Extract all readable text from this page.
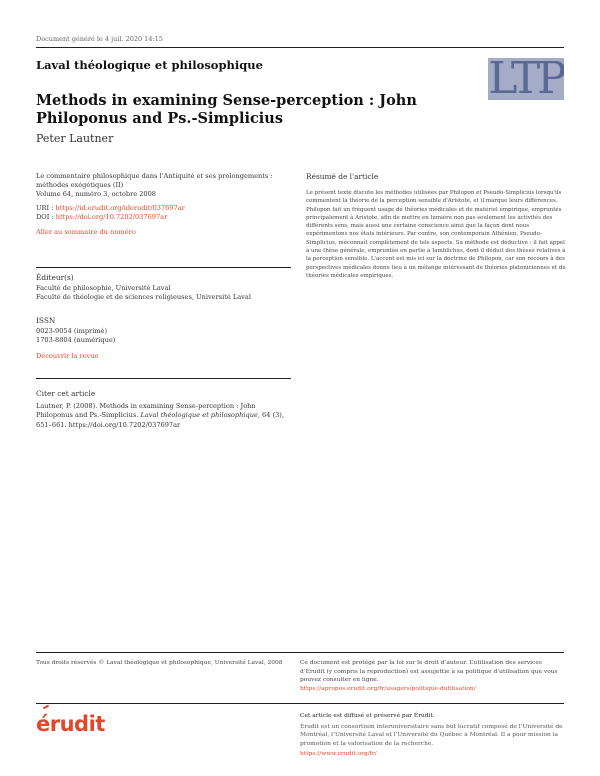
Document généré le 4 juil. 2020 14:15
Laval théologique et philosophique	LTP
Methods in examining Sense-perception : John Philoponus and Ps.-Simplicius
Peter Lautner
Le commentaire philosophique dans l’Antiquité et ses prolongements : méthodes exégétiques (II)
Volume 64, numéro 3, octobre 2008
URI : https://id.erudit.org/iderudit/037697ar
DOI : https://doi.org/10.7202/037697ar
Aller au sommaire du numéro
Éditeur(s)
Faculté de philosophie, Université Laval
Faculté de théologie et de sciences religieuses, Université Laval
ISSN
0023-9054 (imprimé)
1703-8804 (numérique)
Découvrir la revue
Citer cet article
Lautner, P. (2008). Methods in examining Sense-perception : John Philoponus and Ps.-Simplicius. Laval théologique et philosophique, 64 (3), 651–661. https://doi.org/10.7202/037697ar
Résumé de l'article
Le présent texte discute les méthodes utilisées par Philopon et Pseudo-Simplicius lorsqu'ils commentent la théorie de la perception sensible d'Aristote, et il marque leurs différences. Philopon fait un fréquent usage de théories médicales et de matériel empirique, empruntés principalement à Aristote, afin de mettre en lumière non pas seulement les activités des différents sens, mais aussi une certaine conscience ainsi que la façon dont nous expérimentons nos états intérieurs. Par contre, son contemporain Athénien, Pseudo-Simplicius, méconnaît complètement de tels aspects. Sa méthode est déductive : il fait appel à une thèse générale, empruntée en partie à Iamblichus, dont il déduit des thèses relatives à la perception sensible. L'accent est mis ici sur la doctrine de Philopon, car son recours à des perspectives médicales donne lieu à un mélange intéressant de théories platoniciennes et de théories médicales empiriques.
Tous droits réservés © Laval théologique et philosophique, Université Laval, 2008	Ce document est protégé par la loi sur le droit d’auteur. L’utilisation des services d’Érudit (y compris la reproduction) est assujettie à sa politique d’utilisation que vous pouvez consulter en ligne.
https://apropos.erudit.org/fr/usagers/politique-dutilisation/
érudit	Cet article est diffusé et préservé par Érudit.
Érudit est un consortium interuniversitaire sans but lucratif composé de l’Université de Montréal, l’Université Laval et l’Université du Québec à Montréal. Il a pour mission la promotion et la valorisation de la recherche.
https://www.erudit.org/fr/
